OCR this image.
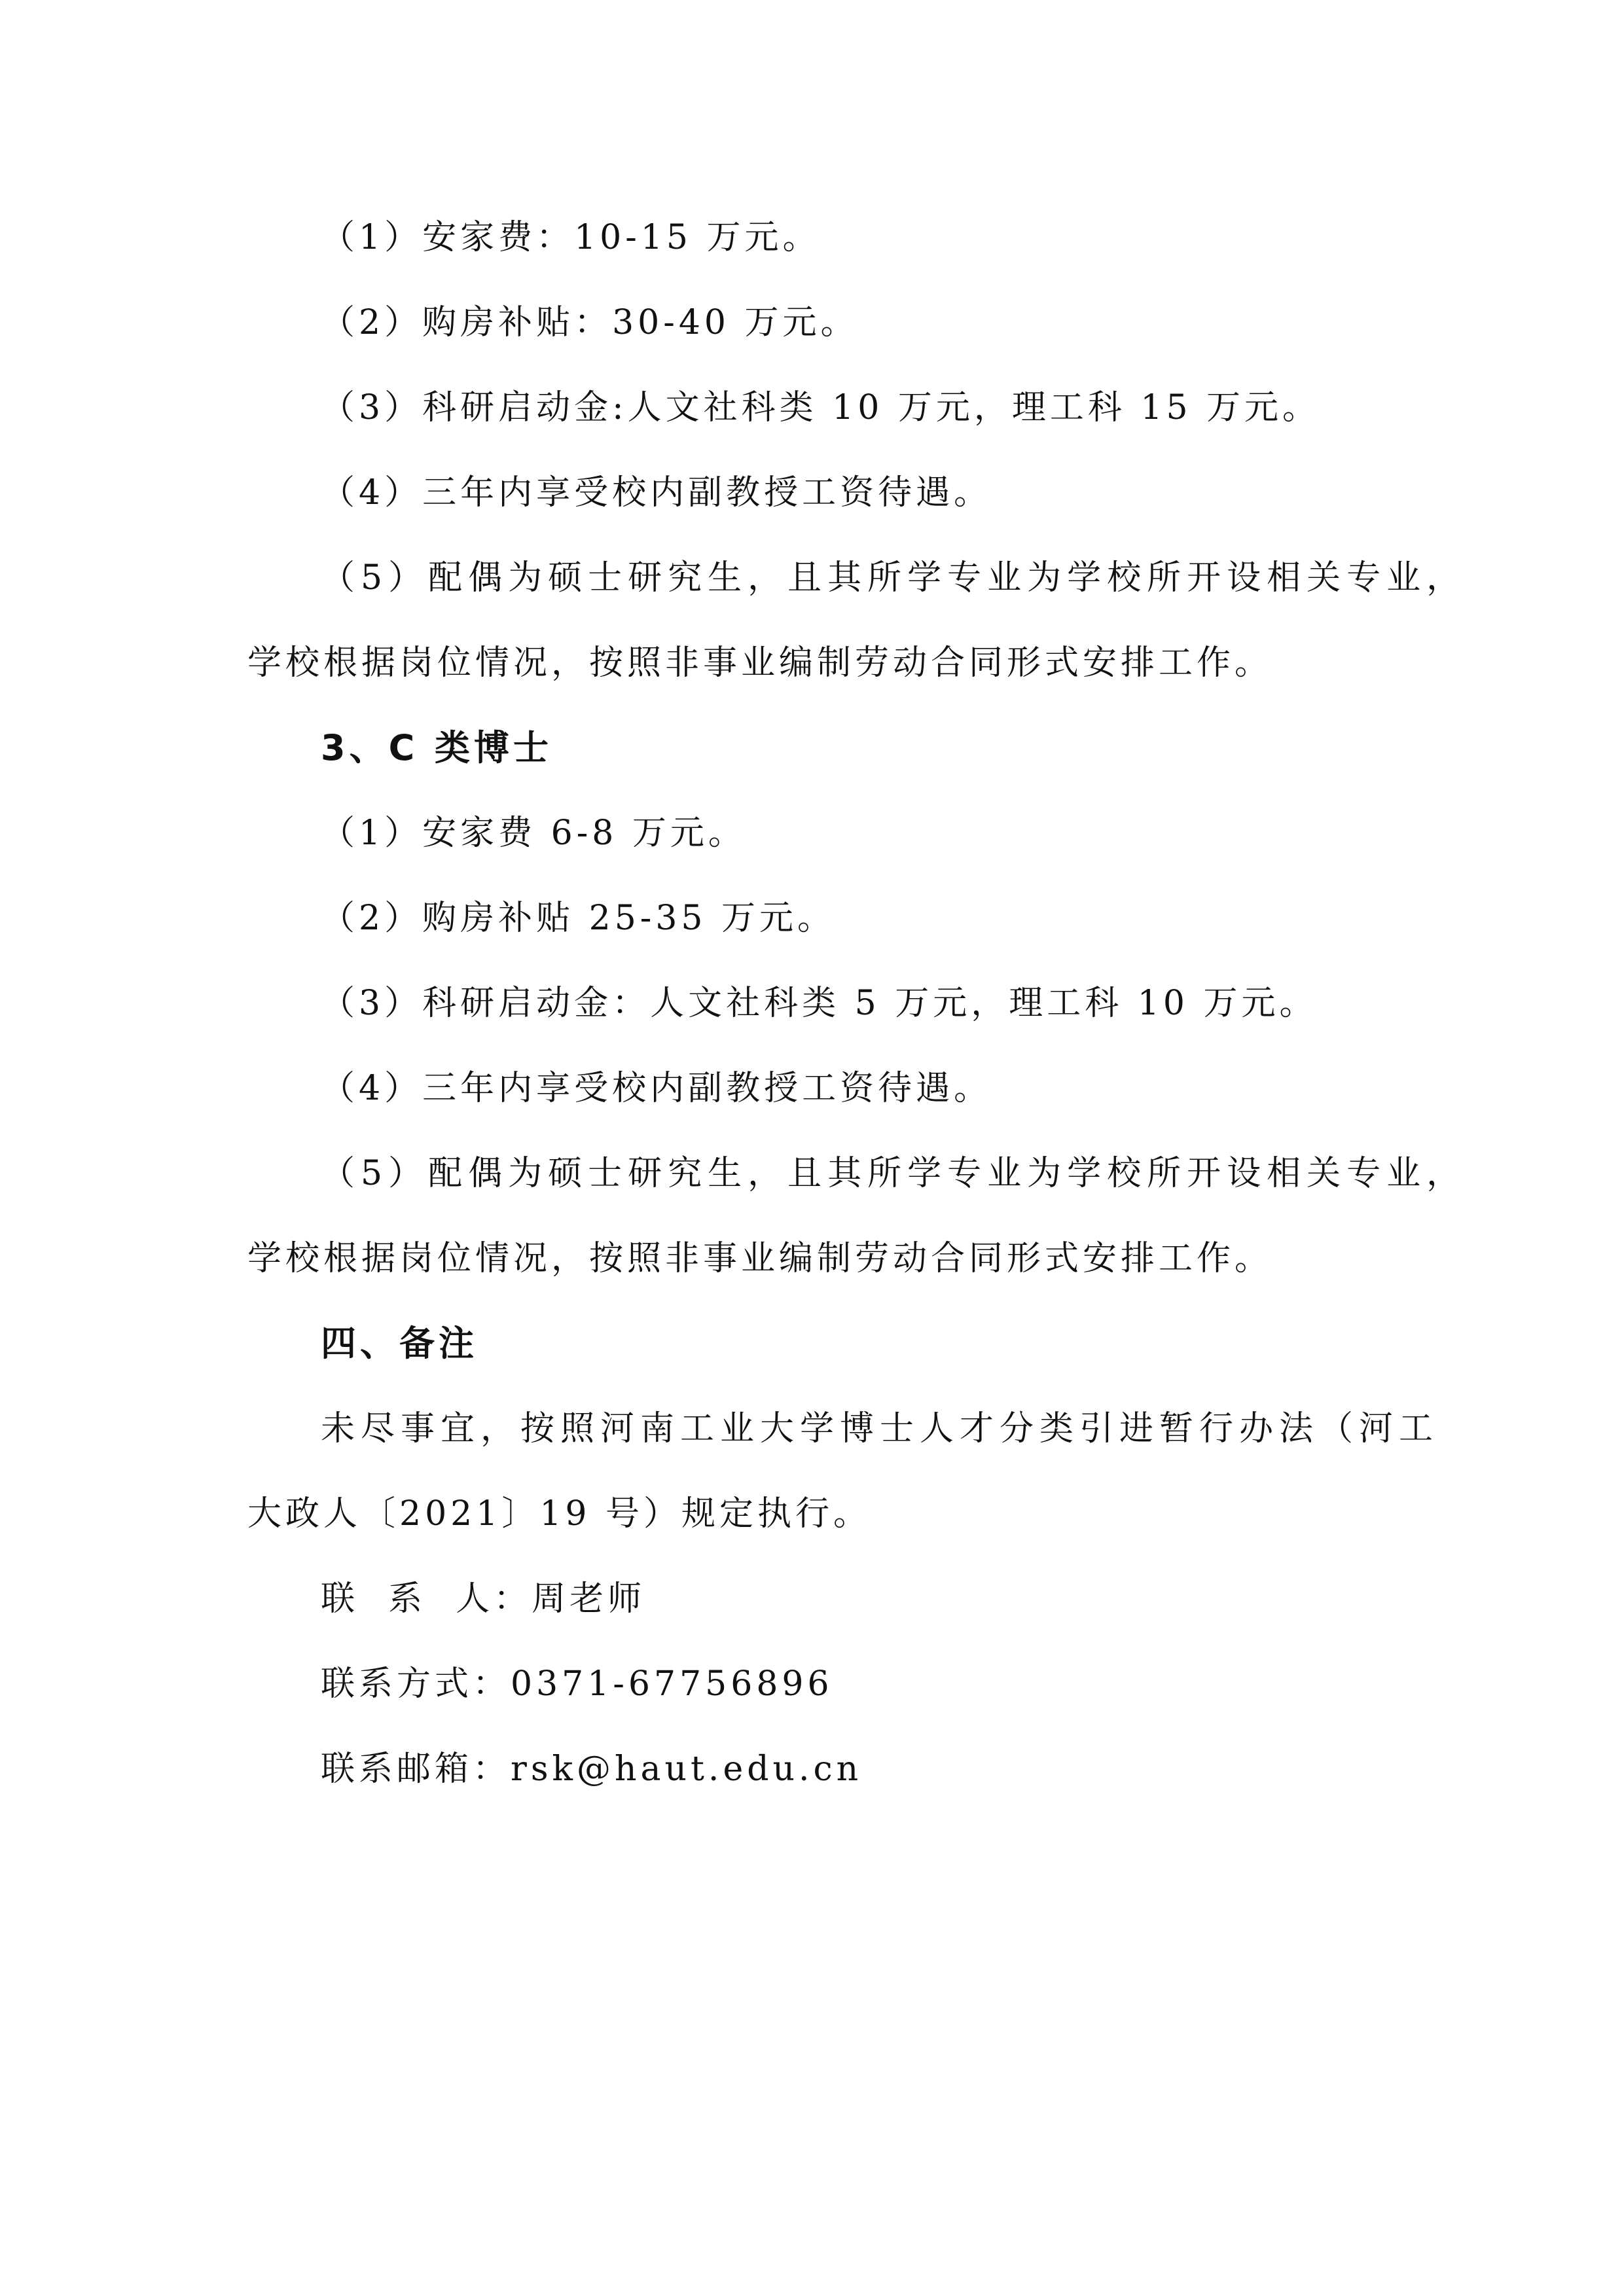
（1）安家费：10-15 万元。
（2）购房补贴：30-40 万元。
（3）科研启动金:人文社科类 10 万元，理工科 15 万元。
（4）三年内享受校内副教授工资待遇。
（5）配偶为硕士研究生，且其所学专业为学校所开设相关专业，
学校根据岗位情况，按照非事业编制劳动合同形式安排工作。
3、C 类博士
（1）安家费 6-8 万元。
（2）购房补贴 25-35 万元。
（3）科研启动金：人文社科类 5 万元，理工科 10 万元。
（4）三年内享受校内副教授工资待遇。
（5）配偶为硕士研究生，且其所学专业为学校所开设相关专业，
学校根据岗位情况，按照非事业编制劳动合同形式安排工作。
四、备注
未尽事宜，按照河南工业大学博士人才分类引进暂行办法（河工
大政人〔2021〕19 号）规定执行。
联  系  人：周老师
联系方式：0371-67756896
联系邮箱：rsk@haut.edu.cn
